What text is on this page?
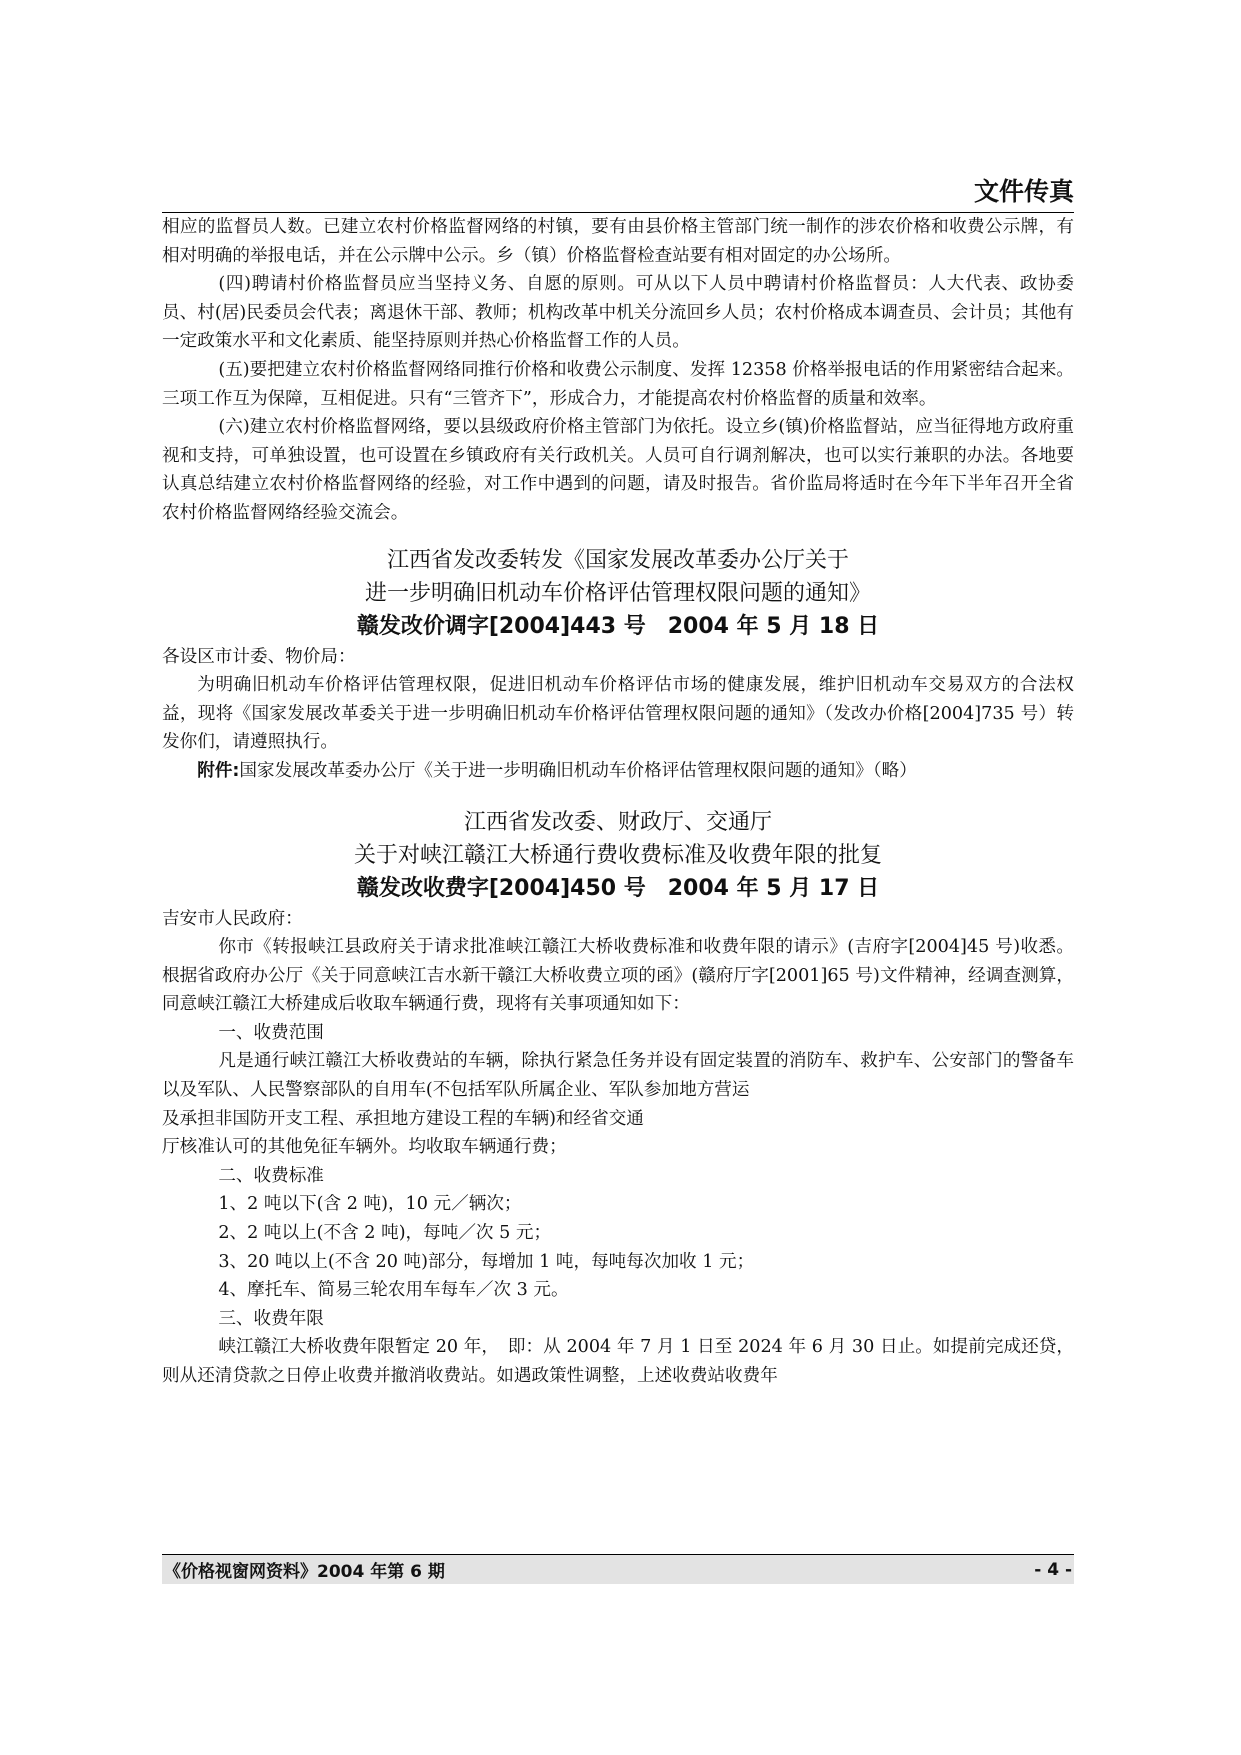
文件传真

相应的监督员人数。已建立农村价格监督网络的村镇，要有由县价格主管部门统一制作的涉农价格和收费公示牌，有相对明确的举报电话，并在公示牌中公示。乡（镇）价格监督检查站要有相对固定的办公场所。

(四)聘请村价格监督员应当坚持义务、自愿的原则。可从以下人员中聘请村价格监督员：人大代表、政协委员、村(居)民委员会代表；离退休干部、教师；机构改革中机关分流回乡人员；农村价格成本调查员、会计员；其他有一定政策水平和文化素质、能坚持原则并热心价格监督工作的人员。

(五)要把建立农村价格监督网络同推行价格和收费公示制度、发挥 12358 价格举报电话的作用紧密结合起来。三项工作互为保障，互相促进。只有“三管齐下”，形成合力，才能提高农村价格监督的质量和效率。

(六)建立农村价格监督网络，要以县级政府价格主管部门为依托。设立乡(镇)价格监督站，应当征得地方政府重视和支持，可单独设置，也可设置在乡镇政府有关行政机关。人员可自行调剂解决，也可以实行兼职的办法。各地要认真总结建立农村价格监督网络的经验，对工作中遇到的问题，请及时报告。省价监局将适时在今年下半年召开全省农村价格监督网络经验交流会。

江西省发改委转发《国家发展改革委办公厅关于

进一步明确旧机动车价格评估管理权限问题的通知》

赣发改价调字[2004]443 号　2004 年 5 月 18 日

各设区市计委、物价局：

为明确旧机动车价格评估管理权限，促进旧机动车价格评估市场的健康发展，维护旧机动车交易双方的合法权益，现将《国家发展改革委关于进一步明确旧机动车价格评估管理权限问题的通知》（发改办价格[2004]735 号）转发你们，请遵照执行。

附件:国家发展改革委办公厅《关于进一步明确旧机动车价格评估管理权限问题的通知》（略）

江西省发改委、财政厅、交通厅

关于对峡江赣江大桥通行费收费标准及收费年限的批复

赣发改收费字[2004]450 号　2004 年 5 月 17 日

吉安市人民政府：

你市《转报峡江县政府关于请求批准峡江赣江大桥收费标准和收费年限的请示》(吉府字[2004]45 号)收悉。根据省政府办公厅《关于同意峡江吉水新干赣江大桥收费立项的函》(赣府厅字[2001]65 号)文件精神，经调查测算，同意峡江赣江大桥建成后收取车辆通行费，现将有关事项通知如下：

一、收费范围

凡是通行峡江赣江大桥收费站的车辆，除执行紧急任务并设有固定装置的消防车、救护车、公安部门的警备车以及军队、人民警察部队的自用车(不包括军队所属企业、军队参加地方营运

及承担非国防开支工程、承担地方建设工程的车辆)和经省交通

厅核准认可的其他免征车辆外。均收取车辆通行费；

二、收费标准

1、2 吨以下(含 2 吨)，10 元／辆次；

2、2 吨以上(不含 2 吨)，每吨／次 5 元；

3、20 吨以上(不含 20 吨)部分，每增加 1 吨，每吨每次加收 1 元；

4、摩托车、简易三轮农用车每车／次 3 元。

三、收费年限

峡江赣江大桥收费年限暂定 20 年，　即：从 2004 年 7 月 1 日至 2024 年 6 月 30 日止。如提前完成还贷，则从还清贷款之日停止收费并撤消收费站。如遇政策性调整，上述收费站收费年

《价格视窗网资料》2004 年第 6 期	- 4 -
